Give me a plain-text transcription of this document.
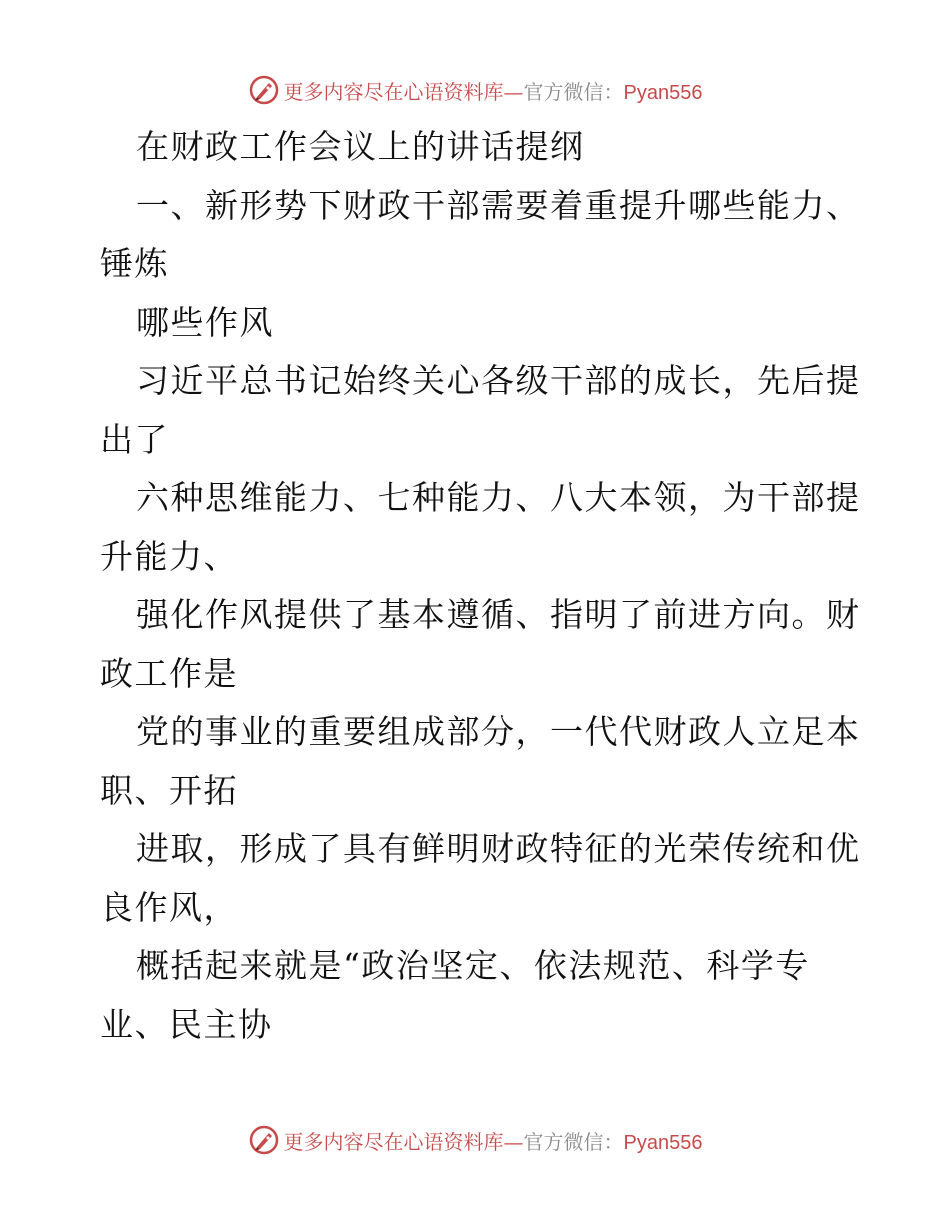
更多内容尽在心语资料库—官方微信：Pyan556
在财政工作会议上的讲话提纲
一、新形势下财政干部需要着重提升哪些能力、
锤炼
哪些作风
习近平总书记始终关心各级干部的成长，先后提
出了
六种思维能力、七种能力、八大本领，为干部提
升能力、
强化作风提供了基本遵循、指明了前进方向。财
政工作是
党的事业的重要组成部分，一代代财政人立足本
职、开拓
进取，形成了具有鲜明财政特征的光荣传统和优
良作风，
概括起来就是“政治坚定、依法规范、科学专
业、民主协
更多内容尽在心语资料库—官方微信：Pyan556
